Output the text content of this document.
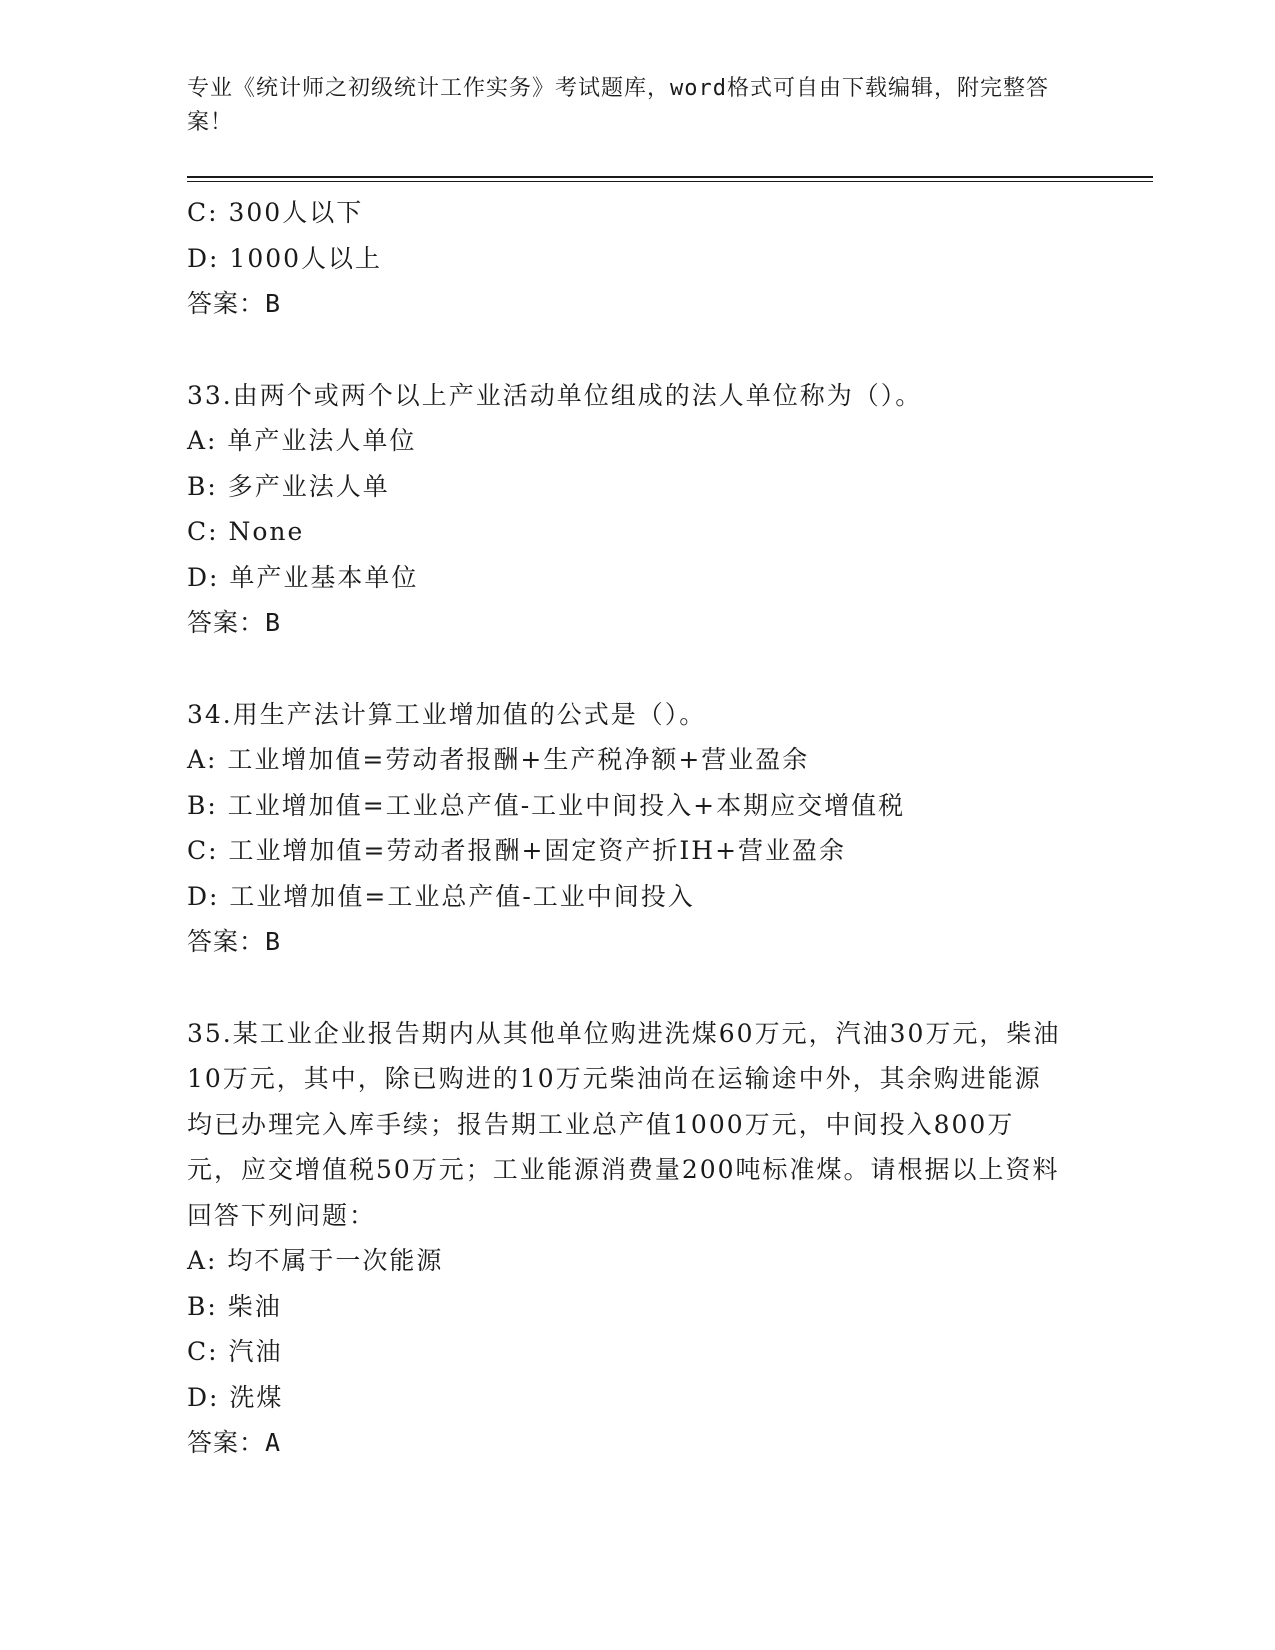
专业《统计师之初级统计工作实务》考试题库，word格式可自由下载编辑，附完整答案！
C: 300人以下
D: 1000人以上
答案：B
33.由两个或两个以上产业活动单位组成的法人单位称为（）。
A: 单产业法人单位
B: 多产业法人单
C: None
D: 单产业基本单位
答案：B
34.用生产法计算工业增加值的公式是（）。
A: 工业增加值=劳动者报酬+生产税净额+营业盈余
B: 工业增加值=工业总产值-工业中间投入+本期应交增值税
C: 工业增加值=劳动者报酬+固定资产折IH+营业盈余
D: 工业增加值=工业总产值-工业中间投入
答案：B
35.某工业企业报告期内从其他单位购进洗煤60万元，汽油30万元，柴油10万元，其中，除已购进的10万元柴油尚在运输途中外，其余购进能源均已办理完入库手续；报告期工业总产值1000万元，中间投入800万元，应交增值税50万元；工业能源消费量200吨标准煤。请根据以上资料回答下列问题：
A: 均不属于一次能源
B: 柴油
C: 汽油
D: 洗煤
答案：A
